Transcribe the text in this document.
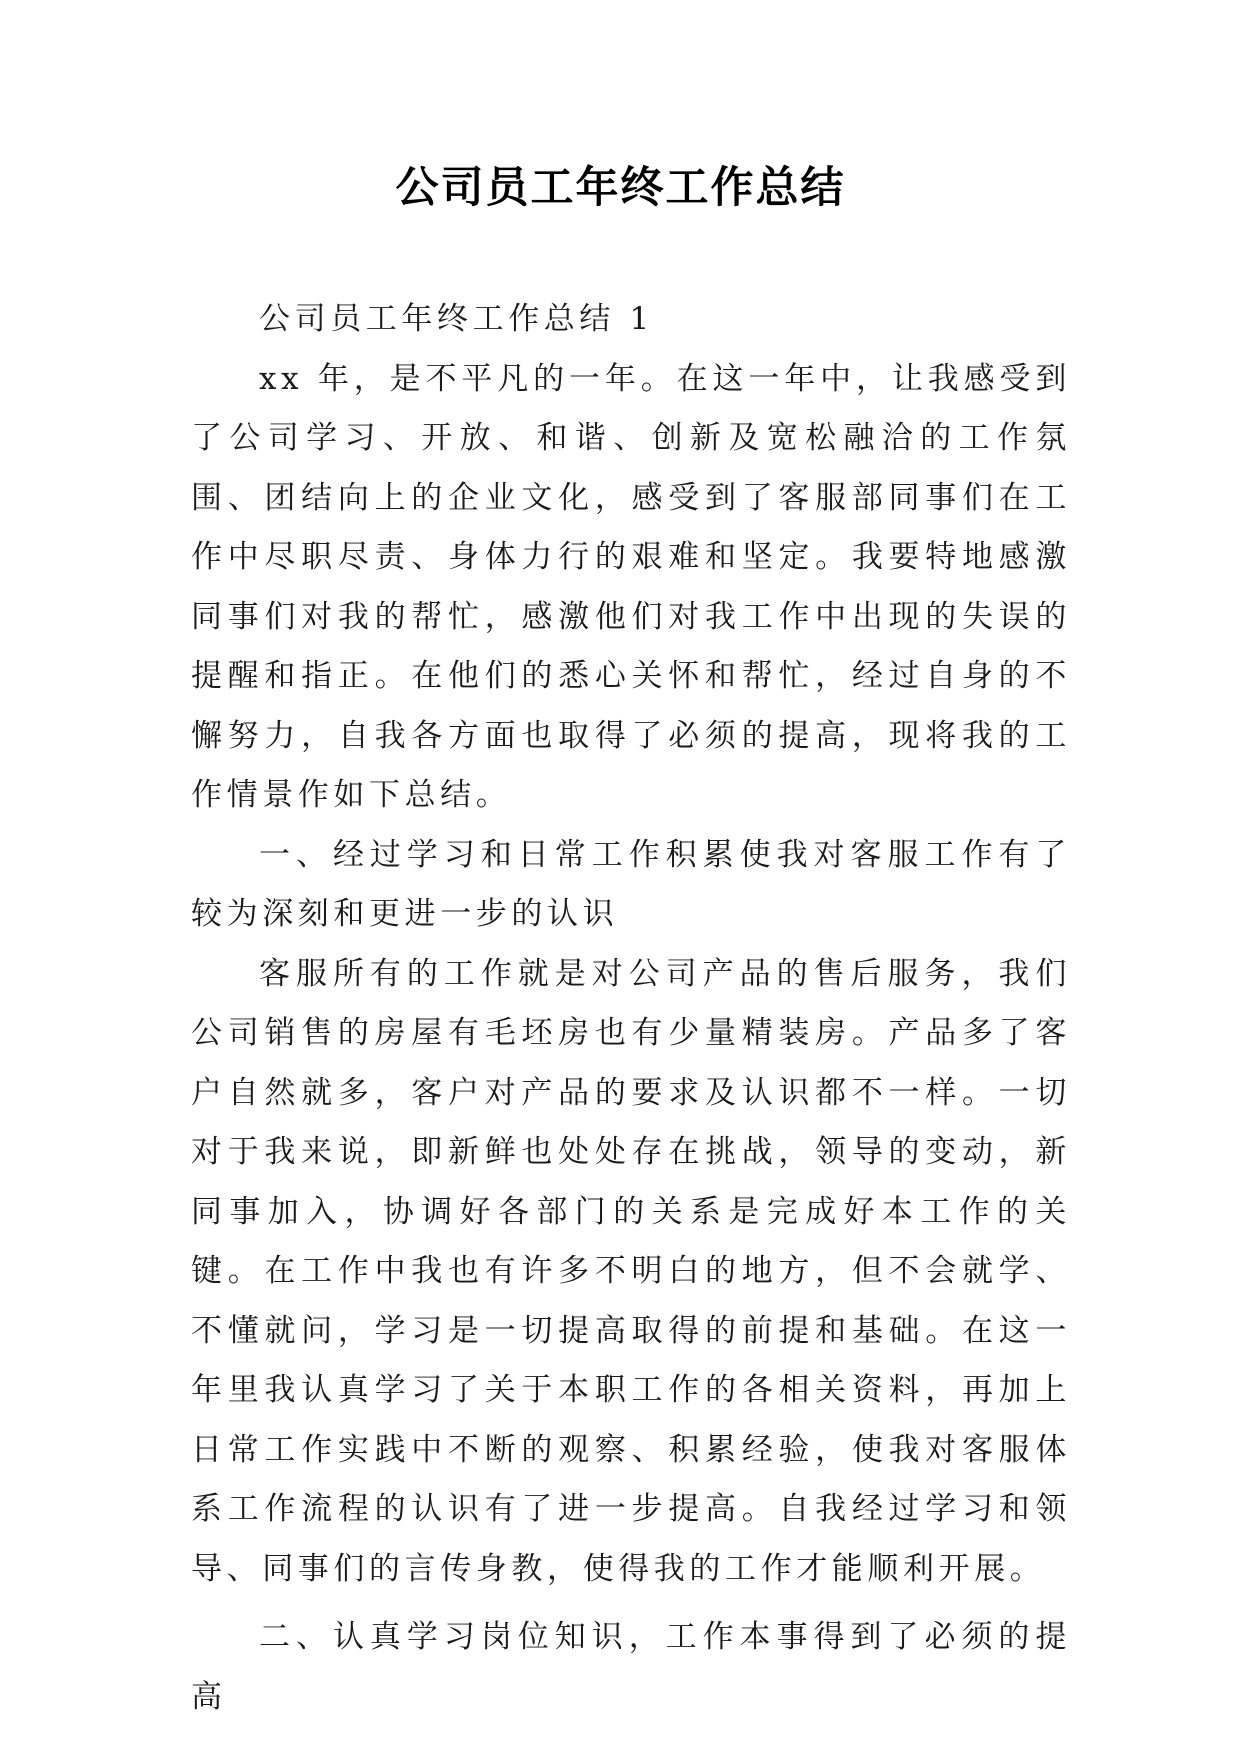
公司员工年终工作总结

公司员工年终工作总结 1

xx 年，是不平凡的一年。在这一年中，让我感受到了公司学习、开放、和谐、创新及宽松融洽的工作氛围、团结向上的企业文化，感受到了客服部同事们在工作中尽职尽责、身体力行的艰难和坚定。我要特地感激同事们对我的帮忙，感激他们对我工作中出现的失误的提醒和指正。在他们的悉心关怀和帮忙，经过自身的不懈努力，自我各方面也取得了必须的提高，现将我的工作情景作如下总结。

一、经过学习和日常工作积累使我对客服工作有了较为深刻和更进一步的认识

客服所有的工作就是对公司产品的售后服务，我们公司销售的房屋有毛坯房也有少量精装房。产品多了客户自然就多，客户对产品的要求及认识都不一样。一切对于我来说，即新鲜也处处存在挑战，领导的变动，新同事加入，协调好各部门的关系是完成好本工作的关键。在工作中我也有许多不明白的地方，但不会就学、不懂就问，学习是一切提高取得的前提和基础。在这一年里我认真学习了关于本职工作的各相关资料，再加上日常工作实践中不断的观察、积累经验，使我对客服体系工作流程的认识有了进一步提高。自我经过学习和领导、同事们的言传身教，使得我的工作才能顺利开展。

二、认真学习岗位知识，工作本事得到了必须的提高
